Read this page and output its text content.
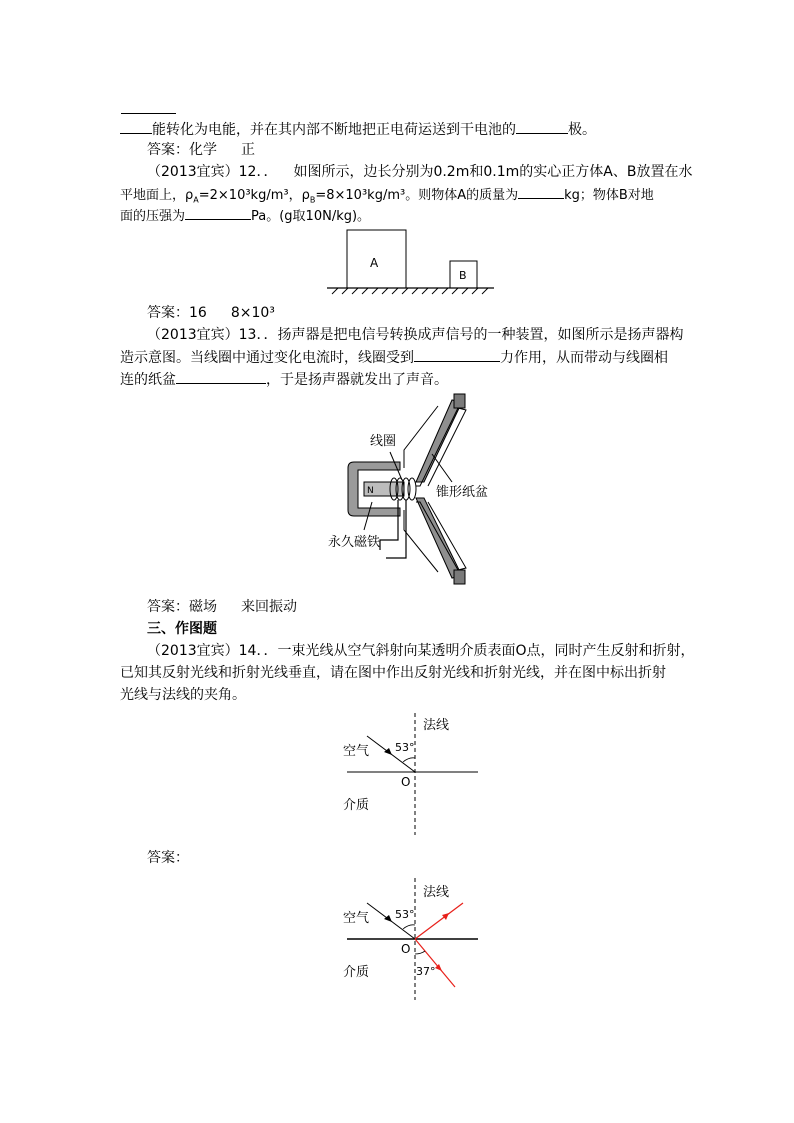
能转化为电能，并在其内部不断地把正电荷运送到干电池的	极。
答案：化学 正
（2013宜宾）12．． 如图所示，边长分别为0.2m和0.1m的实心正方体A、B放置在水
平地面上，$\rho_A=2\times 10^3kg/m^3$，$\rho_B=8\times 10^3kg/m^3$。则物体A的质量为	kg；物体B对地
面的压强为	Pa。(g取10N/kg)。
A
B
答案：16 8×10³
（2013宜宾）13．．扬声器是把电信号转换成声信号的一种装置，如图所示是扬声器构
造示意图。当线圈中通过变化电流时，线圈受到	力作用，从而带动与线圈相
连的纸盆	，于是扬声器就发出了声音。
N
线圈
锥形纸盆
永久磁铁
答案：磁场 来回振动
三、作图题
（2013宜宾）14．．一束光线从空气斜射向某透明介质表面O点，同时产生反射和折射，
已知其反射光线和折射光线垂直，请在图中作出反射光线和折射光线，并在图中标出折射
光线与法线的夹角。
法线
空气 53°
O
介质
答案：
法线
空气 53°
O
37°
介质
